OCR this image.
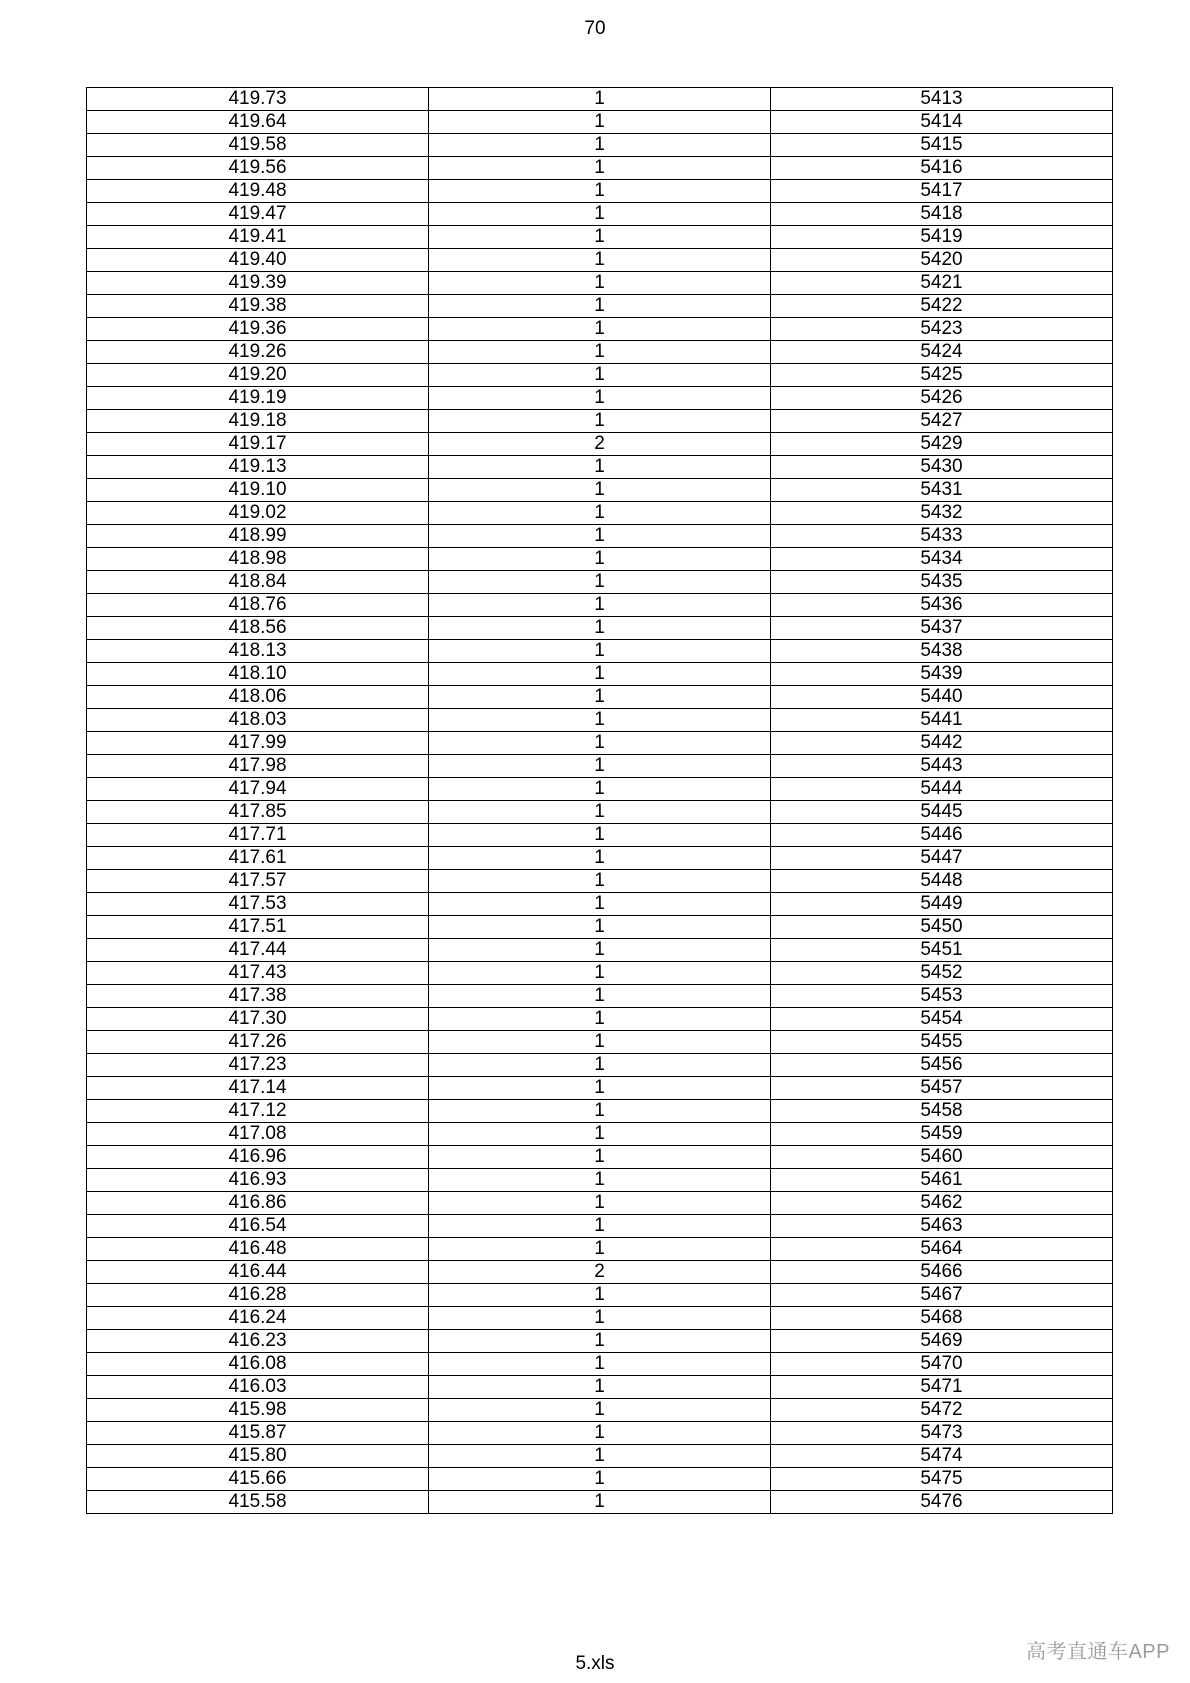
70
419.73	1	5413
419.64	1	5414
419.58	1	5415
419.56	1	5416
419.48	1	5417
419.47	1	5418
419.41	1	5419
419.40	1	5420
419.39	1	5421
419.38	1	5422
419.36	1	5423
419.26	1	5424
419.20	1	5425
419.19	1	5426
419.18	1	5427
419.17	2	5429
419.13	1	5430
419.10	1	5431
419.02	1	5432
418.99	1	5433
418.98	1	5434
418.84	1	5435
418.76	1	5436
418.56	1	5437
418.13	1	5438
418.10	1	5439
418.06	1	5440
418.03	1	5441
417.99	1	5442
417.98	1	5443
417.94	1	5444
417.85	1	5445
417.71	1	5446
417.61	1	5447
417.57	1	5448
417.53	1	5449
417.51	1	5450
417.44	1	5451
417.43	1	5452
417.38	1	5453
417.30	1	5454
417.26	1	5455
417.23	1	5456
417.14	1	5457
417.12	1	5458
417.08	1	5459
416.96	1	5460
416.93	1	5461
416.86	1	5462
416.54	1	5463
416.48	1	5464
416.44	2	5466
416.28	1	5467
416.24	1	5468
416.23	1	5469
416.08	1	5470
416.03	1	5471
415.98	1	5472
415.87	1	5473
415.80	1	5474
415.66	1	5475
415.58	1	5476
5.xls
高考直通车APP
